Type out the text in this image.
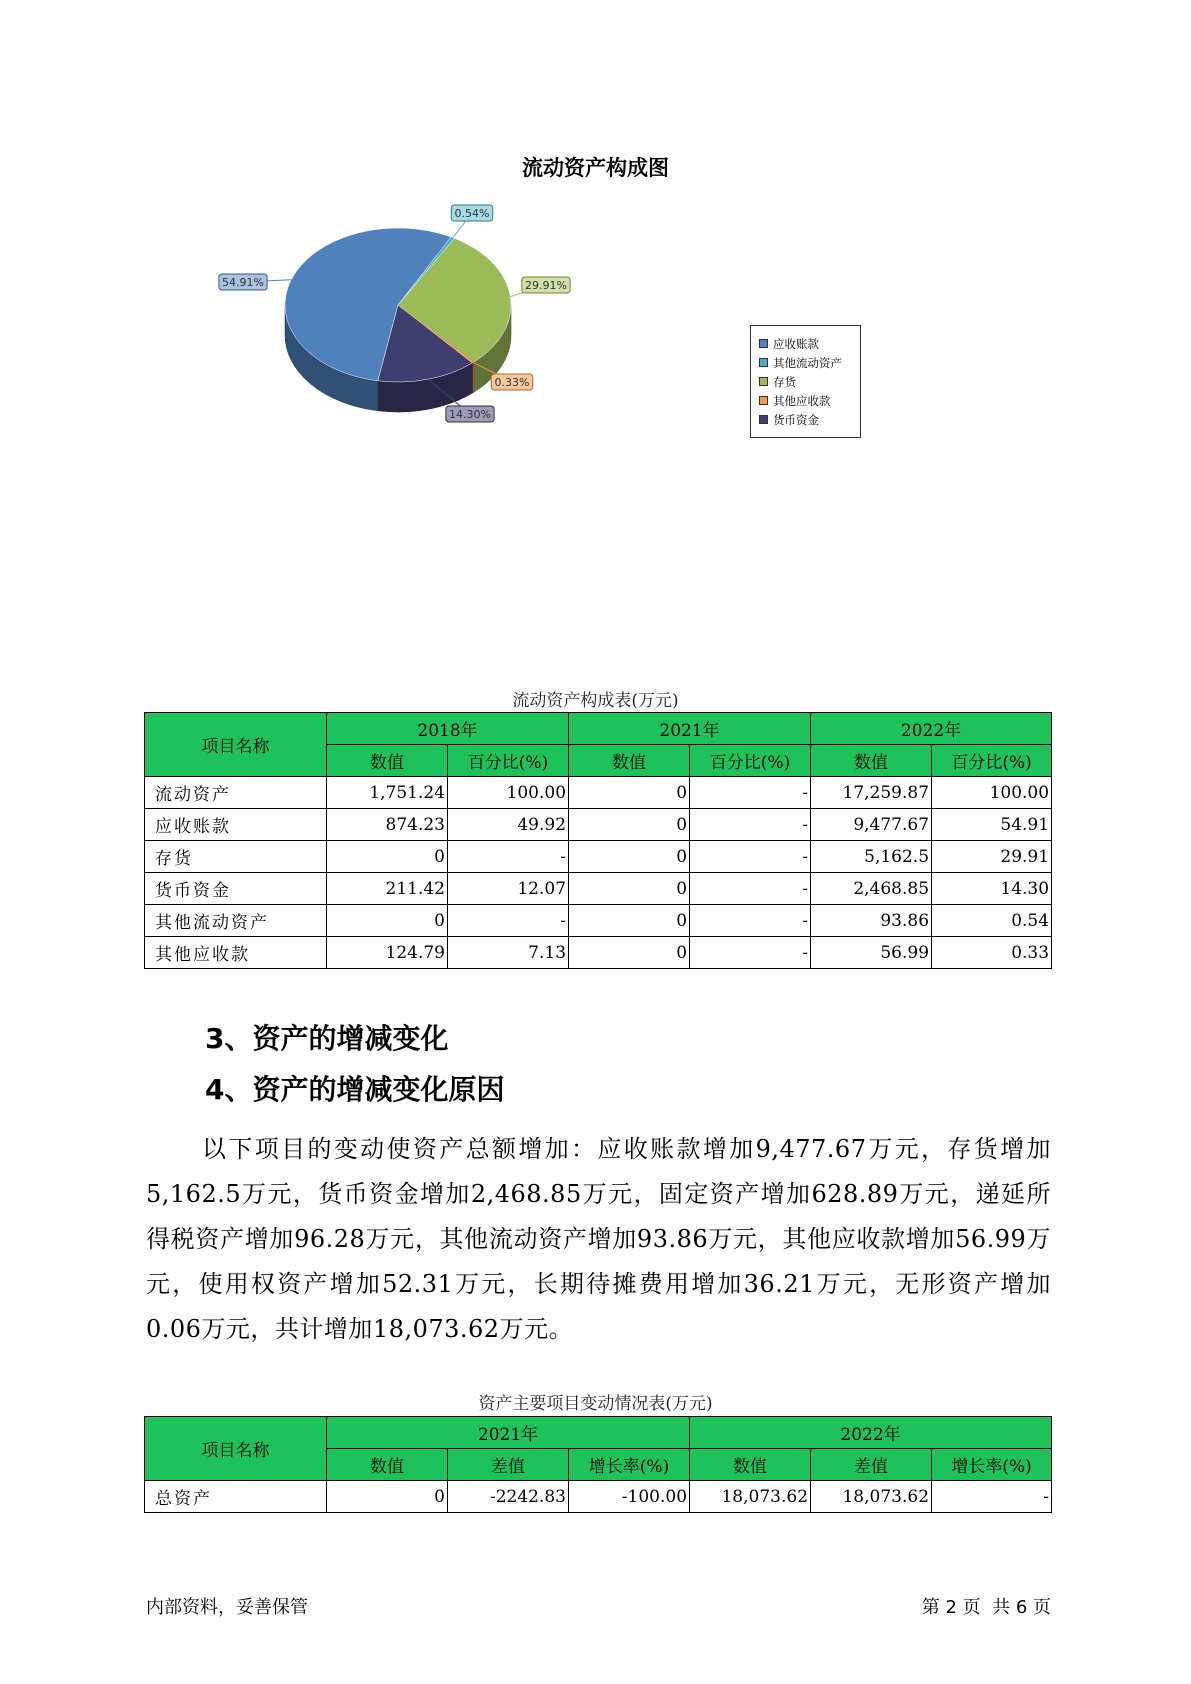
流动资产构成图
0.54%
29.91%
0.33%
14.30%
54.91%
应收账款
其他流动资产
存货
其他应收款
货币资金
流动资产构成表(万元)
项目名称	2018年		2021年		2022年	
	数值	百分比(%)	数值	百分比(%)	数值	百分比(%)
流动资产	1,751.24	100.00	0	-	17,259.87	100.00
应收账款	874.23	49.92	0	-	9,477.67	54.91
存货	0	-	0	-	5,162.5	29.91
货币资金	211.42	12.07	0	-	2,468.85	14.30
其他流动资产	0	-	0	-	93.86	0.54
其他应收款	124.79	7.13	0	-	56.99	0.33
3、资产的增减变化
4、资产的增减变化原因
以下项目的变动使资产总额增加：应收账款增加9,477.67万元，存货增加5,162.5万元，货币资金增加2,468.85万元，固定资产增加628.89万元，递延所得税资产增加96.28万元，其他流动资产增加93.86万元，其他应收款增加56.99万元，使用权资产增加52.31万元，长期待摊费用增加36.21万元，无形资产增加0.06万元，共计增加18,073.62万元。
资产主要项目变动情况表(万元)
项目名称	2021年			2022年		
	数值	差值	增长率(%)	数值	差值	增长率(%)
总资产	0	-2242.83	-100.00	18,073.62	18,073.62	-
内部资料，妥善保管	第 2 页  共 6 页
